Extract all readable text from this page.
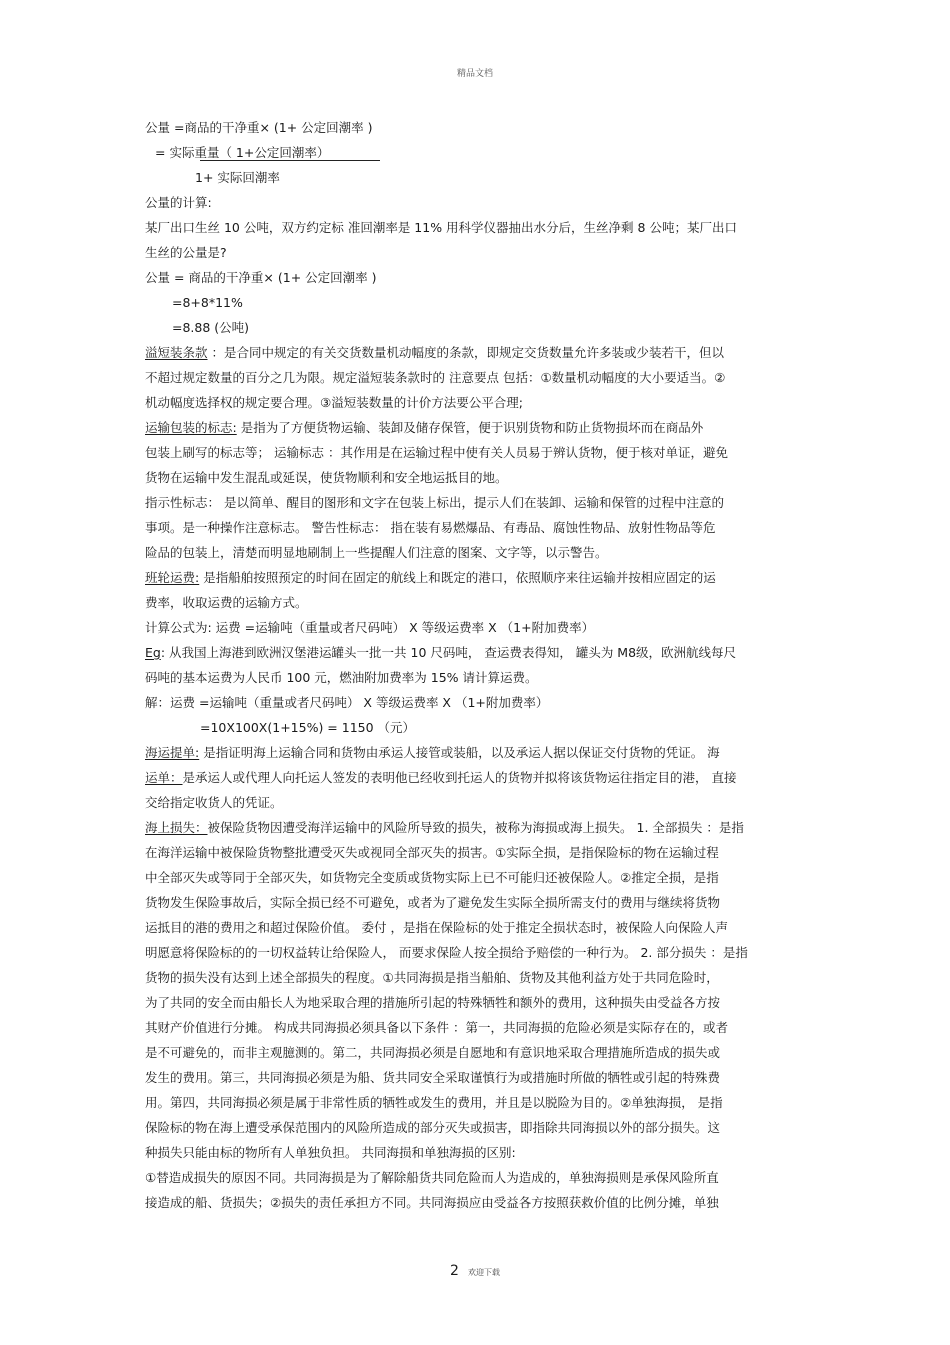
精品文档
公量 =商品的干净重× (1+ 公定回潮率 )
= 实际重量（ 1+公定回潮率）
1+ 实际回潮率
公量的计算:
某厂出口生丝 10 公吨，双方约定标 准回潮率是 11% 用科学仪器抽出水分后，生丝净剩 8 公吨；某厂出口
生丝的公量是?
公量 = 商品的干净重× (1+ 公定回潮率 )
=8+8*11%
=8.88 (公吨)
溢短装条款 ：是合同中规定的有关交货数量机动幅度的条款，即规定交货数量允许多装或少装若干，但以
不超过规定数量的百分之几为限。规定溢短装条款时的 注意要点 包括：①数量机动幅度的大小要适当。②
机动幅度选择权的规定要合理。③溢短装数量的计价方法要公平合理;
运输包装的标志: 是指为了方便货物运输、装卸及储存保管，便于识别货物和防止货物损坏而在商品外
包装上刷写的标志等； 运输标志 ：其作用是在运输过程中使有关人员易于辨认货物，便于核对单证，避免
货物在运输中发生混乱或延误，使货物顺利和安全地运抵目的地。
指示性标志： 是以简单、醒目的图形和文字在包装上标出，提示人们在装卸、运输和保管的过程中注意的
事项。是一种操作注意标志。 警告性标志： 指在装有易燃爆品、有毒品、腐蚀性物品、放射性物品等危
险品的包装上，清楚而明显地刷制上一些提醒人们注意的图案、文字等，以示警告。
班轮运费: 是指船舶按照预定的时间在固定的航线上和既定的港口，依照顺序来往运输并按相应固定的运
费率，收取运费的运输方式。
计算公式为: 运费 =运输吨（重量或者尺码吨） X 等级运费率 X （1+附加费率）
Eg: 从我国上海港到欧洲汉堡港运罐头一批一共 10 尺码吨， 查运费表得知， 罐头为 M8级，欧洲航线每尺
码吨的基本运费为人民币 100 元，燃油附加费率为 15% 请计算运费。
解：运费 =运输吨（重量或者尺码吨） X 等级运费率 X （1+附加费率）
=10X100X(1+15%) = 1150 （元）
海运提单: 是指证明海上运输合同和货物由承运人接管或装船，以及承运人据以保证交付货物的凭证。 海
运单：是承运人或代理人向托运人签发的表明他已经收到托运人的货物并拟将该货物运往指定目的港， 直接
交给指定收货人的凭证。
海上损失：被保险货物因遭受海洋运输中的风险所导致的损失，被称为海损或海上损失。 1. 全部损失 ：是指
在海洋运输中被保险货物整批遭受灭失或视同全部灭失的损害。①实际全损，是指保险标的物在运输过程
中全部灭失或等同于全部灭失，如货物完全变质或货物实际上已不可能归还被保险人。②推定全损，是指
货物发生保险事故后，实际全损已经不可避免，或者为了避免发生实际全损所需支付的费用与继续将货物
运抵目的港的费用之和超过保险价值。 委付 ，是指在保险标的处于推定全损状态时，被保险人向保险人声
明愿意将保险标的的一切权益转让给保险人， 而要求保险人按全损给予赔偿的一种行为。 2. 部分损失 ：是指
货物的损失没有达到上述全部损失的程度。①共同海损是指当船舶、货物及其他利益方处于共同危险时，
为了共同的安全而由船长人为地采取合理的措施所引起的特殊牺牲和额外的费用，这种损失由受益各方按
其财产价值进行分摊。 构成共同海损必须具备以下条件 ：第一，共同海损的危险必须是实际存在的，或者
是不可避免的，而非主观臆测的。第二，共同海损必须是自愿地和有意识地采取合理措施所造成的损失或
发生的费用。第三，共同海损必须是为船、货共同安全采取谨慎行为或措施时所做的牺牲或引起的特殊费
用。第四，共同海损必须是属于非常性质的牺牲或发生的费用，并且是以脱险为目的。②单独海损， 是指
保险标的物在海上遭受承保范围内的风险所造成的部分灭失或损害，即指除共同海损以外的部分损失。这
种损失只能由标的物所有人单独负担。 共同海损和单独海损的区别:
①替造成损失的原因不同。共同海损是为了解除船货共同危险而人为造成的，单独海损则是承保风险所直
接造成的船、货损失；②损失的责任承担方不同。共同海损应由受益各方按照获救价值的比例分摊，单独
2 欢迎下载
